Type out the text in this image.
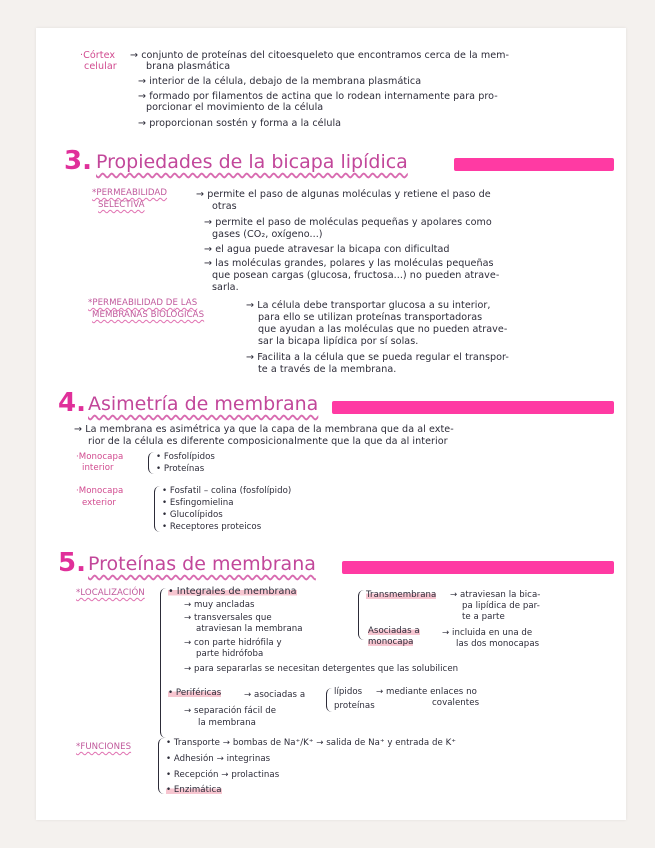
·Córtex
celular
→ conjunto de proteínas del citoesqueleto que encontramos cerca de la mem-
brana plasmática
→ interior de la célula, debajo de la membrana plasmática
→ formado por filamentos de actina que lo rodean internamente para pro-
porcionar el movimiento de la célula
→ proporcionan sostén y forma a la célula
3. Propiedades de la bicapa lipídica
*PERMEABILIDAD
SELECTIVA
→ permite el paso de algunas moléculas y retiene el paso de
otras
→ permite el paso de moléculas pequeñas y apolares como
gases (CO₂, oxígeno...)
→ el agua puede atravesar la bicapa con dificultad
→ las moléculas grandes, polares y las moléculas pequeñas
que posean cargas (glucosa, fructosa...) no pueden atrave-
sarla.
*PERMEABILIDAD DE LAS
MEMBRANAS BIOLÓGICAS
→ La célula debe transportar glucosa a su interior,
para ello se utilizan proteínas transportadoras
que ayudan a las moléculas que no pueden atrave-
sar la bicapa lipídica por sí solas.
→ Facilita a la célula que se pueda regular el transpor-
te a través de la membrana.
4. Asimetría de membrana
→ La membrana es asimétrica ya que la capa de la membrana que da al exte-
rior de la célula es diferente composicionalmente que la que da al interior
·Monocapa
interior
• Fosfolípidos
• Proteínas
·Monocapa
exterior
• Fosfatil – colina (fosfolípido)
• Esfingomielina
• Glucolípidos
• Receptores proteicos
5. Proteínas de membrana
*LOCALIZACIÓN • Integrales de membrana
→ muy ancladas
→ transversales que
atraviesan la membrana
→ con parte hidrófila y
parte hidrófoba
→ para separarlas se necesitan detergentes que las solubilicen
Transmembrana → atraviesan la bica-
pa lipídica de par-
te a parte
Asociadas a
monocapa
→ incluida en una de
las dos monocapas
• Periféricas	→ asociadas a	lípidos
proteínas
→ mediante enlaces no
covalentes
→ separación fácil de
la membrana
*FUNCIONES	• Transporte → bombas de Na⁺/K⁺ → salida de Na⁺ y entrada de K⁺
• Adhesión → integrinas
• Recepción → prolactinas
• Enzimática
